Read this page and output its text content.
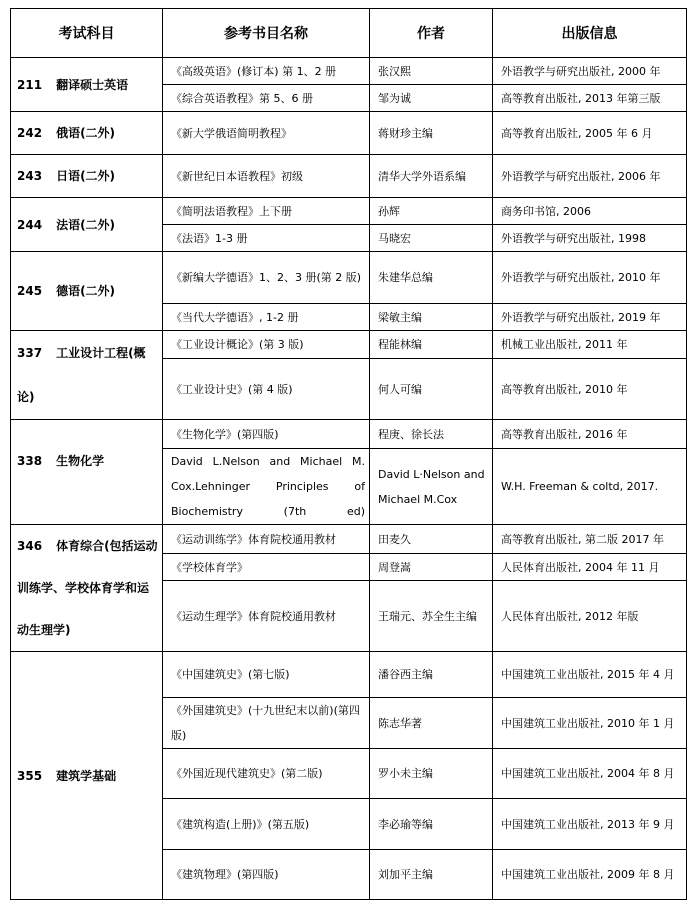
考试科目	参考书目名称	作者	出版信息
211 翻译硕士英语	《高级英语》(修订本) 第 1、2 册	张汉熙	外语教学与研究出版社, 2000 年
	《综合英语教程》第 5、6 册	邹为诚	高等教育出版社, 2013 年第三版
242 俄语(二外)	《新大学俄语简明教程》	蒋财珍主编	高等教育出版社, 2005 年 6 月
243 日语(二外)	《新世纪日本语教程》初级	清华大学外语系编	外语教学与研究出版社, 2006 年
244 法语(二外)	《简明法语教程》上下册	孙辉	商务印书馆, 2006
	《法语》1-3 册	马晓宏	外语教学与研究出版社, 1998
245 德语(二外)	《新编大学德语》1、2、3 册(第 2 版)	朱建华总编	外语教学与研究出版社, 2010 年
	《当代大学德语》, 1-2 册	梁敏主编	外语教学与研究出版社, 2019 年
337 工业设计工程(概论)	《工业设计概论》(第 3 版)	程能林编	机械工业出版社, 2011 年
	《工业设计史》(第 4 版)	何人可编	高等教育出版社, 2010 年
338 生物化学	《生物化学》(第四版)	程庚、徐长法	高等教育出版社, 2016 年
	David L.Nelson and Michael M. Cox.Lehninger Principles of Biochemistry (7th ed)	David L·Nelson and Michael M.Cox	W.H. Freeman & coltd, 2017.
346 体育综合(包括运动训练学、学校体育学和运动生理学)	《运动训练学》体育院校通用教材	田麦久	高等教育出版社, 第二版 2017 年
	《学校体育学》	周登嵩	人民体育出版社, 2004 年 11 月
	《运动生理学》体育院校通用教材	王瑞元、苏全生主编	人民体育出版社, 2012 年版
355 建筑学基础	《中国建筑史》(第七版)	潘谷西主编	中国建筑工业出版社, 2015 年 4 月
	《外国建筑史》(十九世纪末以前)(第四版)	陈志华著	中国建筑工业出版社, 2010 年 1 月
	《外国近现代建筑史》(第二版)	罗小未主编	中国建筑工业出版社, 2004 年 8 月
	《建筑构造(上册)》(第五版)	李必瑜等编	中国建筑工业出版社, 2013 年 9 月
	《建筑物理》(第四版)	刘加平主编	中国建筑工业出版社, 2009 年 8 月
